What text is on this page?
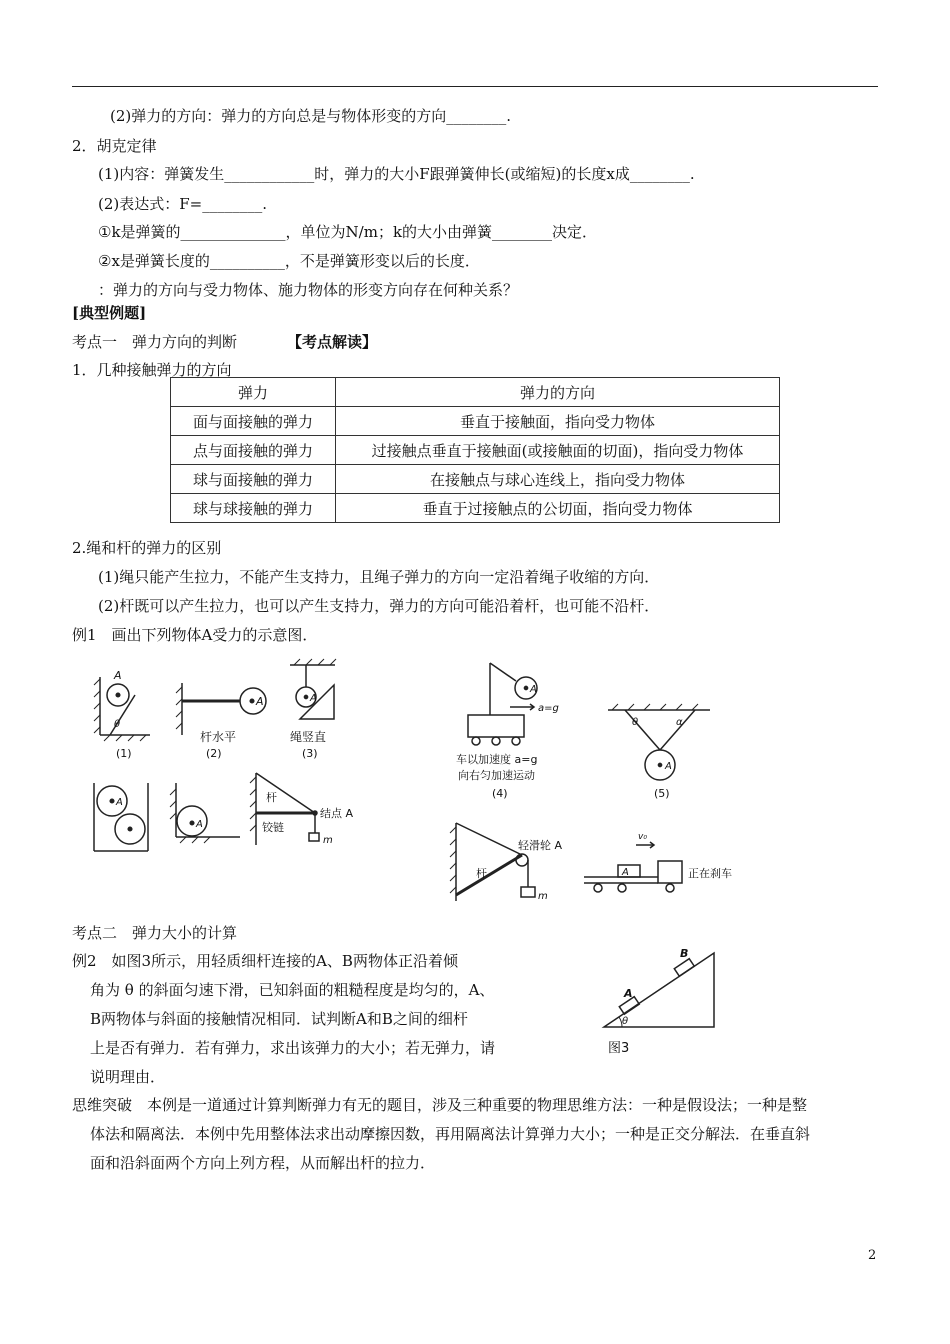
(2)弹力的方向：弹力的方向总是与物体形变的方向________.
2．胡克定律
(1)内容：弹簧发生____________时，弹力的大小F跟弹簧伸长(或缩短)的长度x成________.
(2)表达式：F=________.
①k是弹簧的______________，单位为N/m；k的大小由弹簧________决定．
②x是弹簧长度的__________，不是弹簧形变以后的长度．
：弹力的方向与受力物体、施力物体的形变方向存在何种关系？
[典型例题]
考点一　弹力方向的判断	【考点解读】
1．几种接触弹力的方向
弹力	弹力的方向
面与面接触的弹力	垂直于接触面，指向受力物体
点与面接触的弹力	过接触点垂直于接触面(或接触面的切面)，指向受力物体
球与面接触的弹力	在接触点与球心连线上，指向受力物体
球与球接触的弹力	垂直于过接触点的公切面，指向受力物体
2.绳和杆的弹力的区别
(1)绳只能产生拉力，不能产生支持力，且绳子弹力的方向一定沿着绳子收缩的方向．
(2)杆既可以产生拉力，也可以产生支持力，弹力的方向可能沿着杆，也可能不沿杆．
例1　画出下列物体A受力的示意图．
A
θ
(1)
A
杆水平
(2)
A
绳竖直
(3)
A
A
杆
铰链
结点 A
m
A
a=g
车以加速度 a=g
向右匀加速运动
(4)
θ	α
A
(5)
杆
轻滑轮 A
m
A
v₀
正在刹车
考点二　弹力大小的计算
例2　如图3所示，用轻质细杆连接的A、B两物体正沿着倾
角为 θ 的斜面匀速下滑，已知斜面的粗糙程度是均匀的，A、
B两物体与斜面的接触情况相同．试判断A和B之间的细杆
上是否有弹力．若有弹力，求出该弹力的大小；若无弹力，请
说明理由．
A
B
θ
图3
思维突破　本例是一道通过计算判断弹力有无的题目，涉及三种重要的物理思维方法：一种是假设法；一种是整
体法和隔离法．本例中先用整体法求出动摩擦因数，再用隔离法计算弹力大小；一种是正交分解法．在垂直斜
面和沿斜面两个方向上列方程，从而解出杆的拉力．
2
